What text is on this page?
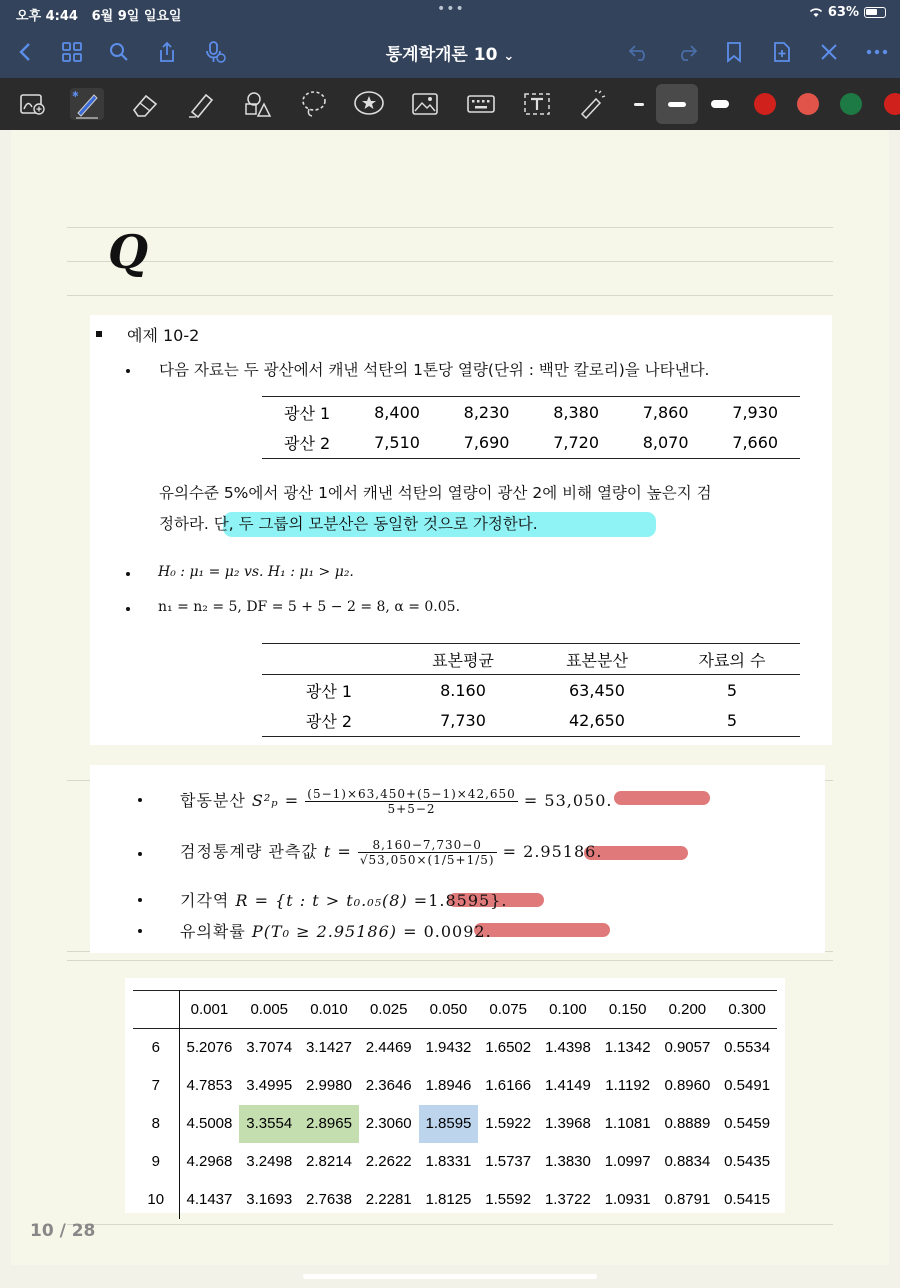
오후 4:44 6월 9일 일요일	•••	63%
통계학개론 10 ⌄
✱
Q
예제 10-2
다음 자료는 두 광산에서 캐낸 석탄의 1톤당 열량(단위 : 백만 칼로리)을 나타낸다.
광산 1	8,400	8,230	8,380	7,860	7,930
광산 2	7,510	7,690	7,720	8,070	7,660
유의수준 5%에서 광산 1에서 캐낸 석탄의 열량이 광산 2에 비해 열량이 높은지 검
정하라. 단, 두 그룹의 모분산은 동일한 것으로 가정한다.
H₀ : μ₁ = μ₂ vs. H₁ : μ₁ > μ₂.
n₁ = n₂ = 5, DF = 5 + 5 − 2 = 8, α = 0.05.
	표본평균	표본분산	자료의 수
광산 1	8.160	63,450	5
광산 2	7,730	42,650	5
합동분산 $S^2_p = \frac{(5-1)\times 63,450+(5-1)\times 42,650}{5+5-2} = 53,050$.
검정통계량 관측값 $t = \frac{8,160-7,730-0}{√53,050\times(1/5+1/5)} = 2.95186$.
기각역 R = {t : t > t₀.₀₅(8) =1.8595}.
유의확률 P(T₀ ≥ 2.95186) = 0.0092.
	0.001	0.005	0.010	0.025	0.050	0.075	0.100	0.150	0.200	0.300
6	5.2076	3.7074	3.1427	2.4469	1.9432	1.6502	1.4398	1.1342	0.9057	0.5534
7	4.7853	3.4995	2.9980	2.3646	1.8946	1.6166	1.4149	1.1192	0.8960	0.5491
8	4.5008	3.3554	2.8965	2.3060	1.8595	1.5922	1.3968	1.1081	0.8889	0.5459
9	4.2968	3.2498	2.8214	2.2622	1.8331	1.5737	1.3830	1.0997	0.8834	0.5435
10	4.1437	3.1693	2.7638	2.2281	1.8125	1.5592	1.3722	1.0931	0.8791	0.5415
10 / 28
